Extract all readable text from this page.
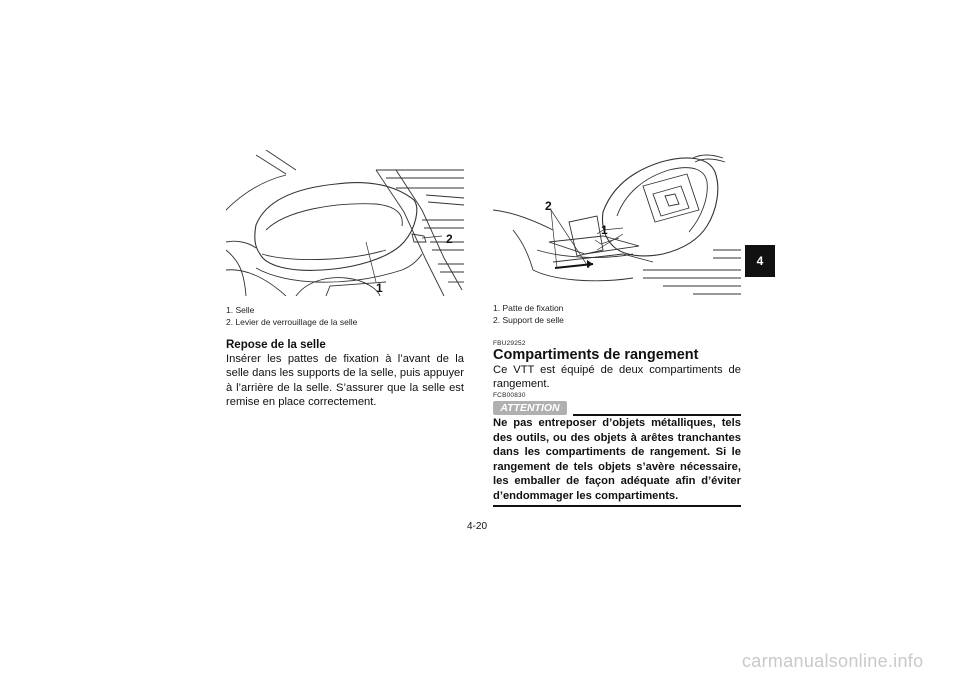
4
1
2
1. Selle
2. Levier de verrouillage de la selle
Repose de la selle
Insérer les pattes de fixation à l’avant de la selle dans les supports de la selle, puis appuyer à l’arrière de la selle. S’assurer que la selle est remise en place correctement.
2
1
1. Patte de fixation
2. Support de selle
FBU29252
Compartiments de rangement
Ce VTT est équipé de deux compartiments de rangement.
FCB00830
ATTENTION
Ne pas entreposer d’objets métalliques, tels des outils, ou des objets à arêtes tranchantes dans les compartiments de rangement. Si le rangement de tels objets s’avère nécessaire, les emballer de façon adéquate afin d’éviter d’endommager les compartiments.
4-20
carmanualsonline.info
